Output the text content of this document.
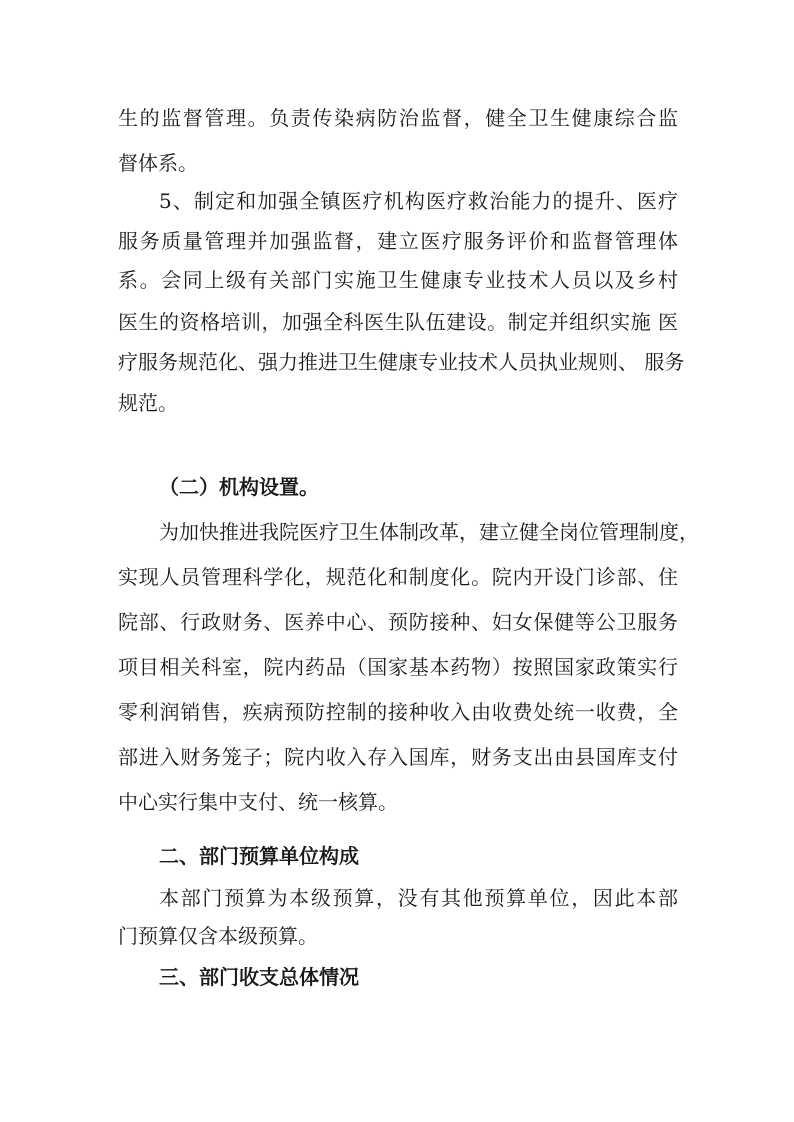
生的监督管理。负责传染病防治监督，健全卫生健康综合监
督体系。
5、制定和加强全镇医疗机构医疗救治能力的提升、医疗
服务质量管理并加强监督，建立医疗服务评价和监督管理体
系。会同上级有关部门实施卫生健康专业技术人员以及乡村
医生的资格培训，加强全科医生队伍建设。制定并组织实施 医
疗服务规范化、强力推进卫生健康专业技术人员执业规则、 服务
规范。
（二）机构设置。
为加快推进我院医疗卫生体制改革，建立健全岗位管理制度，
实现人员管理科学化，规范化和制度化。院内开设门诊部、住
院部、行政财务、医养中心、预防接种、妇女保健等公卫服务
项目相关科室，院内药品（国家基本药物）按照国家政策实行
零利润销售，疾病预防控制的接种收入由收费处统一收费，全
部进入财务笼子；院内收入存入国库，财务支出由县国库支付
中心实行集中支付、统一核算。
二、部门预算单位构成
本部门预算为本级预算，没有其他预算单位，因此本部
门预算仅含本级预算。
三、部门收支总体情况
